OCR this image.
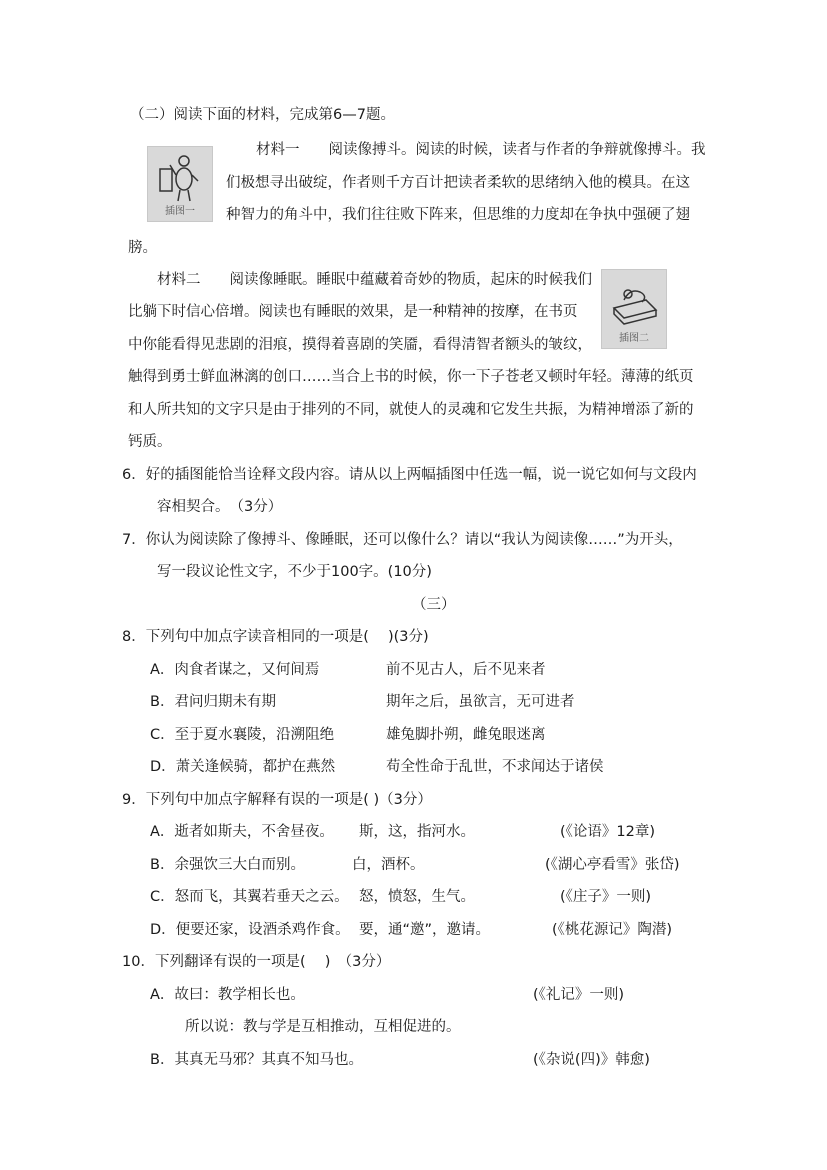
（二）阅读下面的材料，完成第6—7题。
插图一
材料一　　阅读像搏斗。阅读的时候，读者与作者的争辩就像搏斗。我
们极想寻出破绽，作者则千方百计把读者柔软的思绪纳入他的模具。在这
种智力的角斗中，我们往往败下阵来，但思维的力度却在争执中强硬了翅
膀。
插图二
材料二　　阅读像睡眠。睡眠中蕴藏着奇妙的物质，起床的时候我们
比躺下时信心倍增。阅读也有睡眠的效果，是一种精神的按摩，在书页
中你能看得见悲剧的泪痕，摸得着喜剧的笑靥，看得清智者额头的皱纹，
触得到勇士鲜血淋漓的创口……当合上书的时候，你一下子苍老又顿时年轻。薄薄的纸页
和人所共知的文字只是由于排列的不同，就使人的灵魂和它发生共振，为精神增添了新的
钙质。
6．好的插图能恰当诠释文段内容。请从以上两幅插图中任选一幅，说一说它如何与文段内
容相契合。　（3分）
7．你认为阅读除了像搏斗、像睡眠，还可以像什么？请以“我认为阅读像……”为开头，
写一段议论性文字，不少于100字。(10分)
（三）
8．下列句中加点字读音相同的一项是(　 )(3分)
A．肉食者谋之，又何间焉	前不见古人，后不见来者
B．君问归期未有期	期年之后，虽欲言，无可进者
C．至于夏水襄陵，沿溯阻绝	雄兔脚扑朔，雌兔眼迷离
D．萧关逢候骑，都护在燕然	苟全性命于乱世，不求闻达于诸侯
9．下列句中加点字解释有误的一项是( )（3分）
A．逝者如斯夫，不舍昼夜。 斯，这，指河水。	(《论语》12章)
B．余强饮三大白而别。	白，酒杯。	(《湖心亭看雪》张岱)
C．怒而飞，其翼若垂天之云。 怒，愤怒，生气。	(《庄子》一则)
D．便要还家，设酒杀鸡作食。 要，通“邀”，邀请。	(《桃花源记》陶潜)
10．下列翻译有误的一项是(　 )　（3分）
A．故曰：教学相长也。	(《礼记》一则)
所以说：教与学是互相推动，互相促进的。
B．其真无马邪？其真不知马也。	(《杂说(四)》韩愈)
